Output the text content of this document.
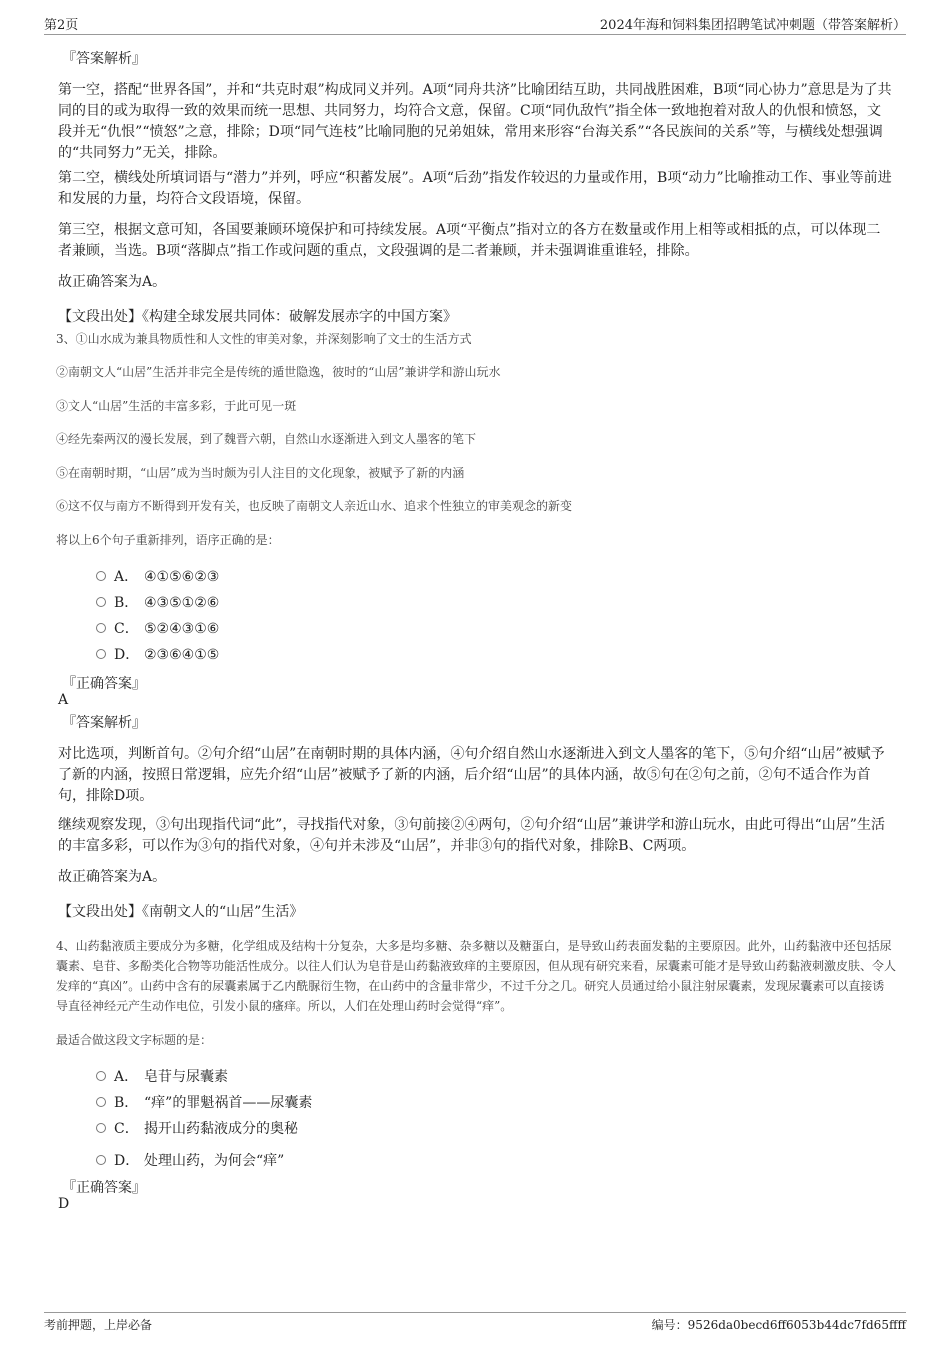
第2页	2024年海和饲料集团招聘笔试冲刺题（带答案解析）
『答案解析』
第一空，搭配“世界各国”，并和“共克时艰”构成同义并列。A项“同舟共济”比喻团结互助，共同战胜困难，B项“同心协力”意思是为了共同的目的或为取得一致的效果而统一思想、共同努力，均符合文意，保留。C项“同仇敌忾”指全体一致地抱着对敌人的仇恨和愤怒，文段并无“仇恨”“愤怒”之意，排除；D项“同气连枝”比喻同胞的兄弟姐妹，常用来形容“台海关系”“各民族间的关系”等，与横线处想强调的“共同努力”无关，排除。
第二空，横线处所填词语与“潜力”并列，呼应“积蓄发展”。A项“后劲”指发作较迟的力量或作用，B项“动力”比喻推动工作、事业等前进和发展的力量，均符合文段语境，保留。
第三空，根据文意可知，各国要兼顾环境保护和可持续发展。A项“平衡点”指对立的各方在数量或作用上相等或相抵的点，可以体现二者兼顾，当选。B项“落脚点”指工作或问题的重点，文段强调的是二者兼顾，并未强调谁重谁轻，排除。
故正确答案为A。
【文段出处】《构建全球发展共同体：破解发展赤字的中国方案》
3、①山水成为兼具物质性和人文性的审美对象，并深刻影响了文士的生活方式
②南朝文人“山居”生活并非完全是传统的遁世隐逸，彼时的“山居”兼讲学和游山玩水
③文人“山居”生活的丰富多彩，于此可见一斑
④经先秦两汉的漫长发展，到了魏晋六朝，自然山水逐渐进入到文人墨客的笔下
⑤在南朝时期，“山居”成为当时颇为引人注目的文化现象，被赋予了新的内涵
⑥这不仅与南方不断得到开发有关，也反映了南朝文人亲近山水、追求个性独立的审美观念的新变
将以上6个句子重新排列，语序正确的是：
A． ④①⑤⑥②③
B． ④③⑤①②⑥
C． ⑤②④③①⑥
D． ②③⑥④①⑤
『正确答案』
A
『答案解析』
对比选项，判断首句。②句介绍“山居”在南朝时期的具体内涵，④句介绍自然山水逐渐进入到文人墨客的笔下，⑤句介绍“山居”被赋予了新的内涵，按照日常逻辑，应先介绍“山居”被赋予了新的内涵，后介绍“山居”的具体内涵，故⑤句在②句之前，②句不适合作为首句，排除D项。
继续观察发现，③句出现指代词“此”，寻找指代对象，③句前接②④两句，②句介绍“山居”兼讲学和游山玩水，由此可得出“山居”生活的丰富多彩，可以作为③句的指代对象，④句并未涉及“山居”，并非③句的指代对象，排除B、C两项。
故正确答案为A。
【文段出处】《南朝文人的“山居”生活》
4、山药黏液质主要成分为多糖，化学组成及结构十分复杂，大多是均多糖、杂多糖以及糖蛋白，是导致山药表面发黏的主要原因。此外，山药黏液中还包括尿囊素、皂苷、多酚类化合物等功能活性成分。以往人们认为皂苷是山药黏液致痒的主要原因，但从现有研究来看，尿囊素可能才是导致山药黏液刺激皮肤、令人发痒的“真凶”。山药中含有的尿囊素属于乙内酰脲衍生物，在山药中的含量非常少，不过千分之几。研究人员通过给小鼠注射尿囊素，发现尿囊素可以直接诱导直径神经元产生动作电位，引发小鼠的瘙痒。所以，人们在处理山药时会觉得“痒”。
最适合做这段文字标题的是：
A． 皂苷与尿囊素
B． “痒”的罪魁祸首——尿囊素
C． 揭开山药黏液成分的奥秘
D． 处理山药，为何会“痒”
『正确答案』
D
考前押题，上岸必备	编号：9526da0becd6ff6053b44dc7fd65ffff
